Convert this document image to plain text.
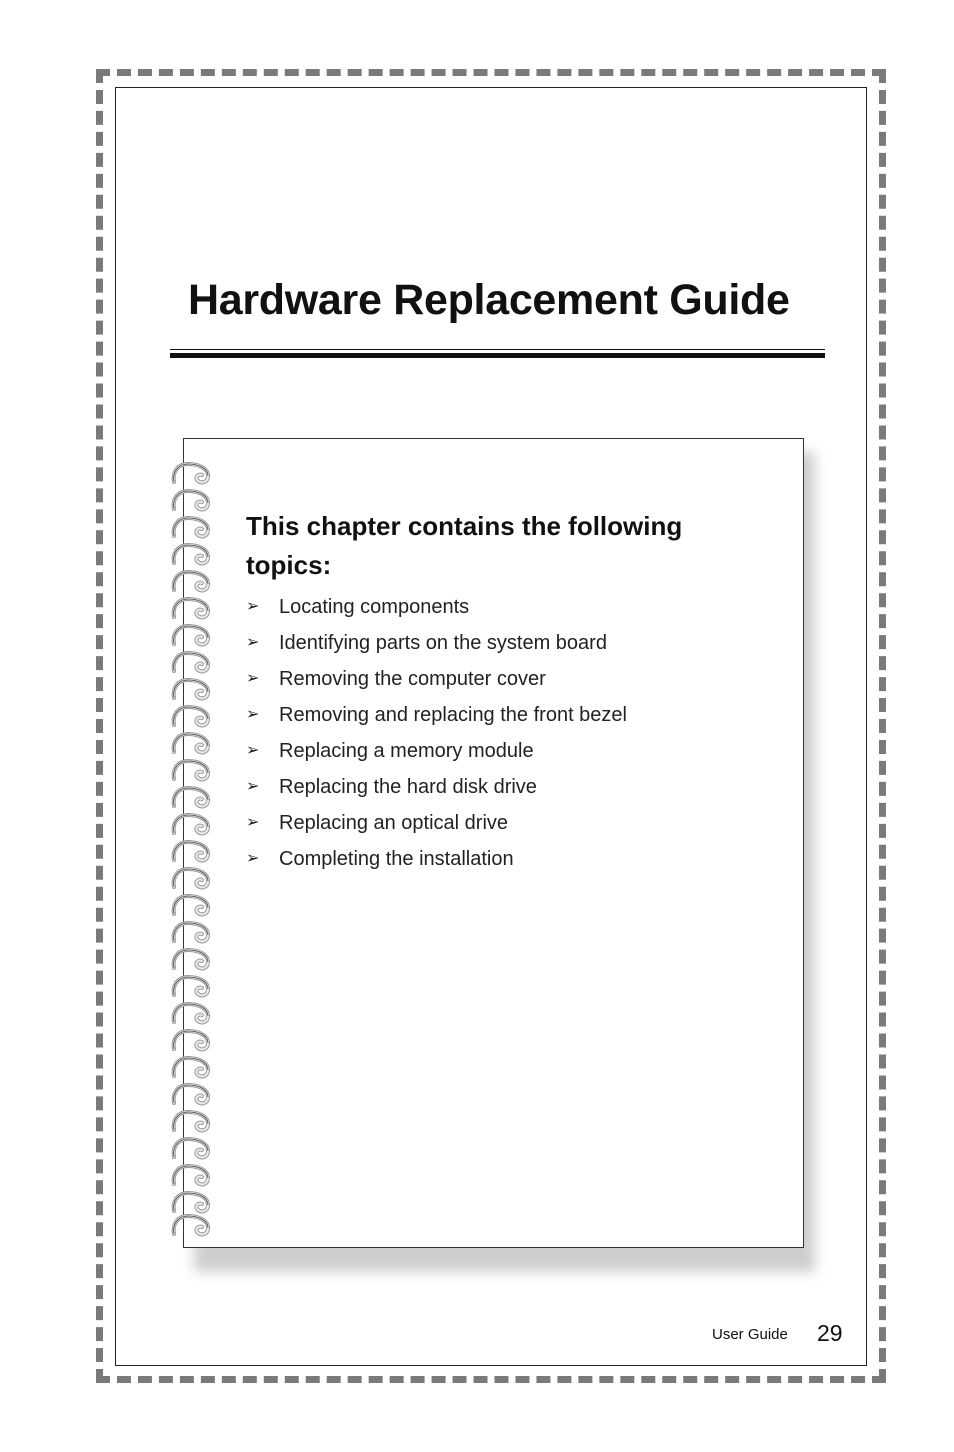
Hardware Replacement Guide
This chapter contains the following topics:
➢ Locating components
➢ Identifying parts on the system board
➢ Removing the computer cover
➢ Removing and replacing the front bezel
➢ Replacing a memory module
➢ Replacing the hard disk drive
➢ Replacing an optical drive
➢ Completing the installation
User Guide 29
